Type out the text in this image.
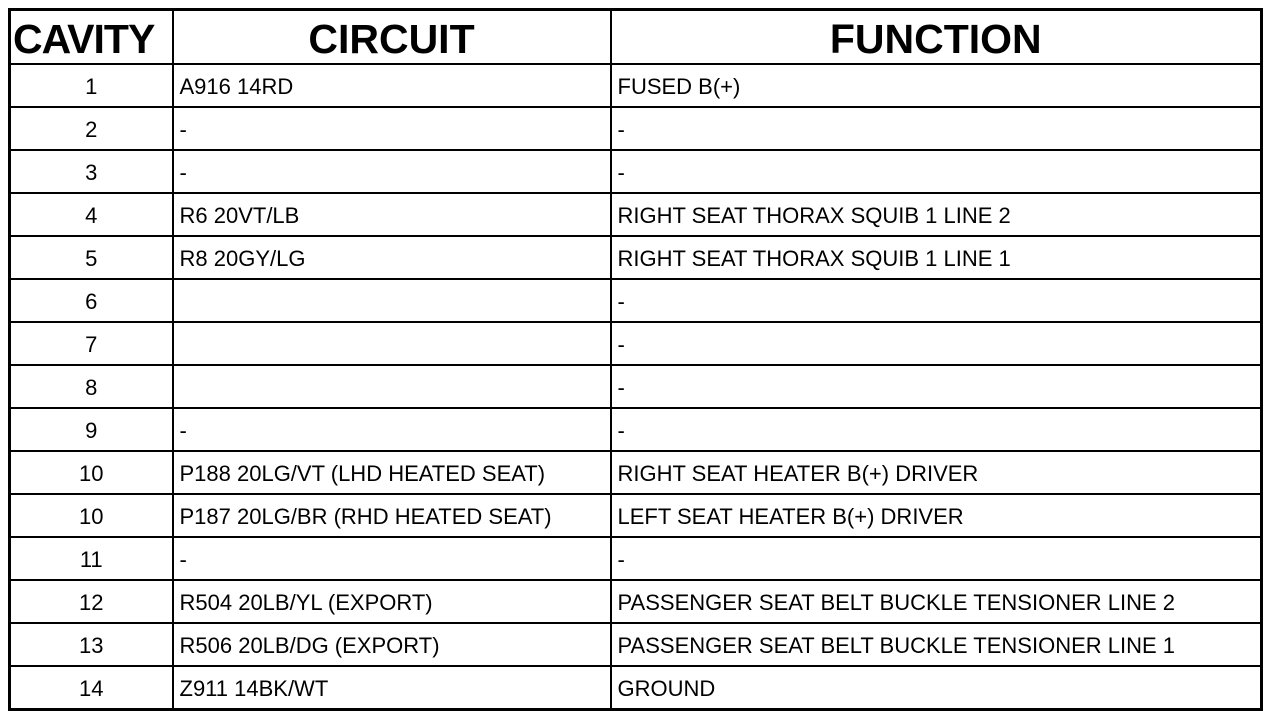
CAVITY	CIRCUIT	FUNCTION
1	A916 14RD	FUSED B(+)
2	-	-
3	-	-
4	R6 20VT/LB	RIGHT SEAT THORAX SQUIB 1 LINE 2
5	R8 20GY/LG	RIGHT SEAT THORAX SQUIB 1 LINE 1
6		-
7		-
8		-
9	-	-
10	P188 20LG/VT (LHD HEATED SEAT)	RIGHT SEAT HEATER B(+) DRIVER
10	P187 20LG/BR (RHD HEATED SEAT)	LEFT SEAT HEATER B(+) DRIVER
11	-	-
12	R504 20LB/YL (EXPORT)	PASSENGER SEAT BELT BUCKLE TENSIONER LINE 2
13	R506 20LB/DG (EXPORT)	PASSENGER SEAT BELT BUCKLE TENSIONER LINE 1
14	Z911 14BK/WT	GROUND
